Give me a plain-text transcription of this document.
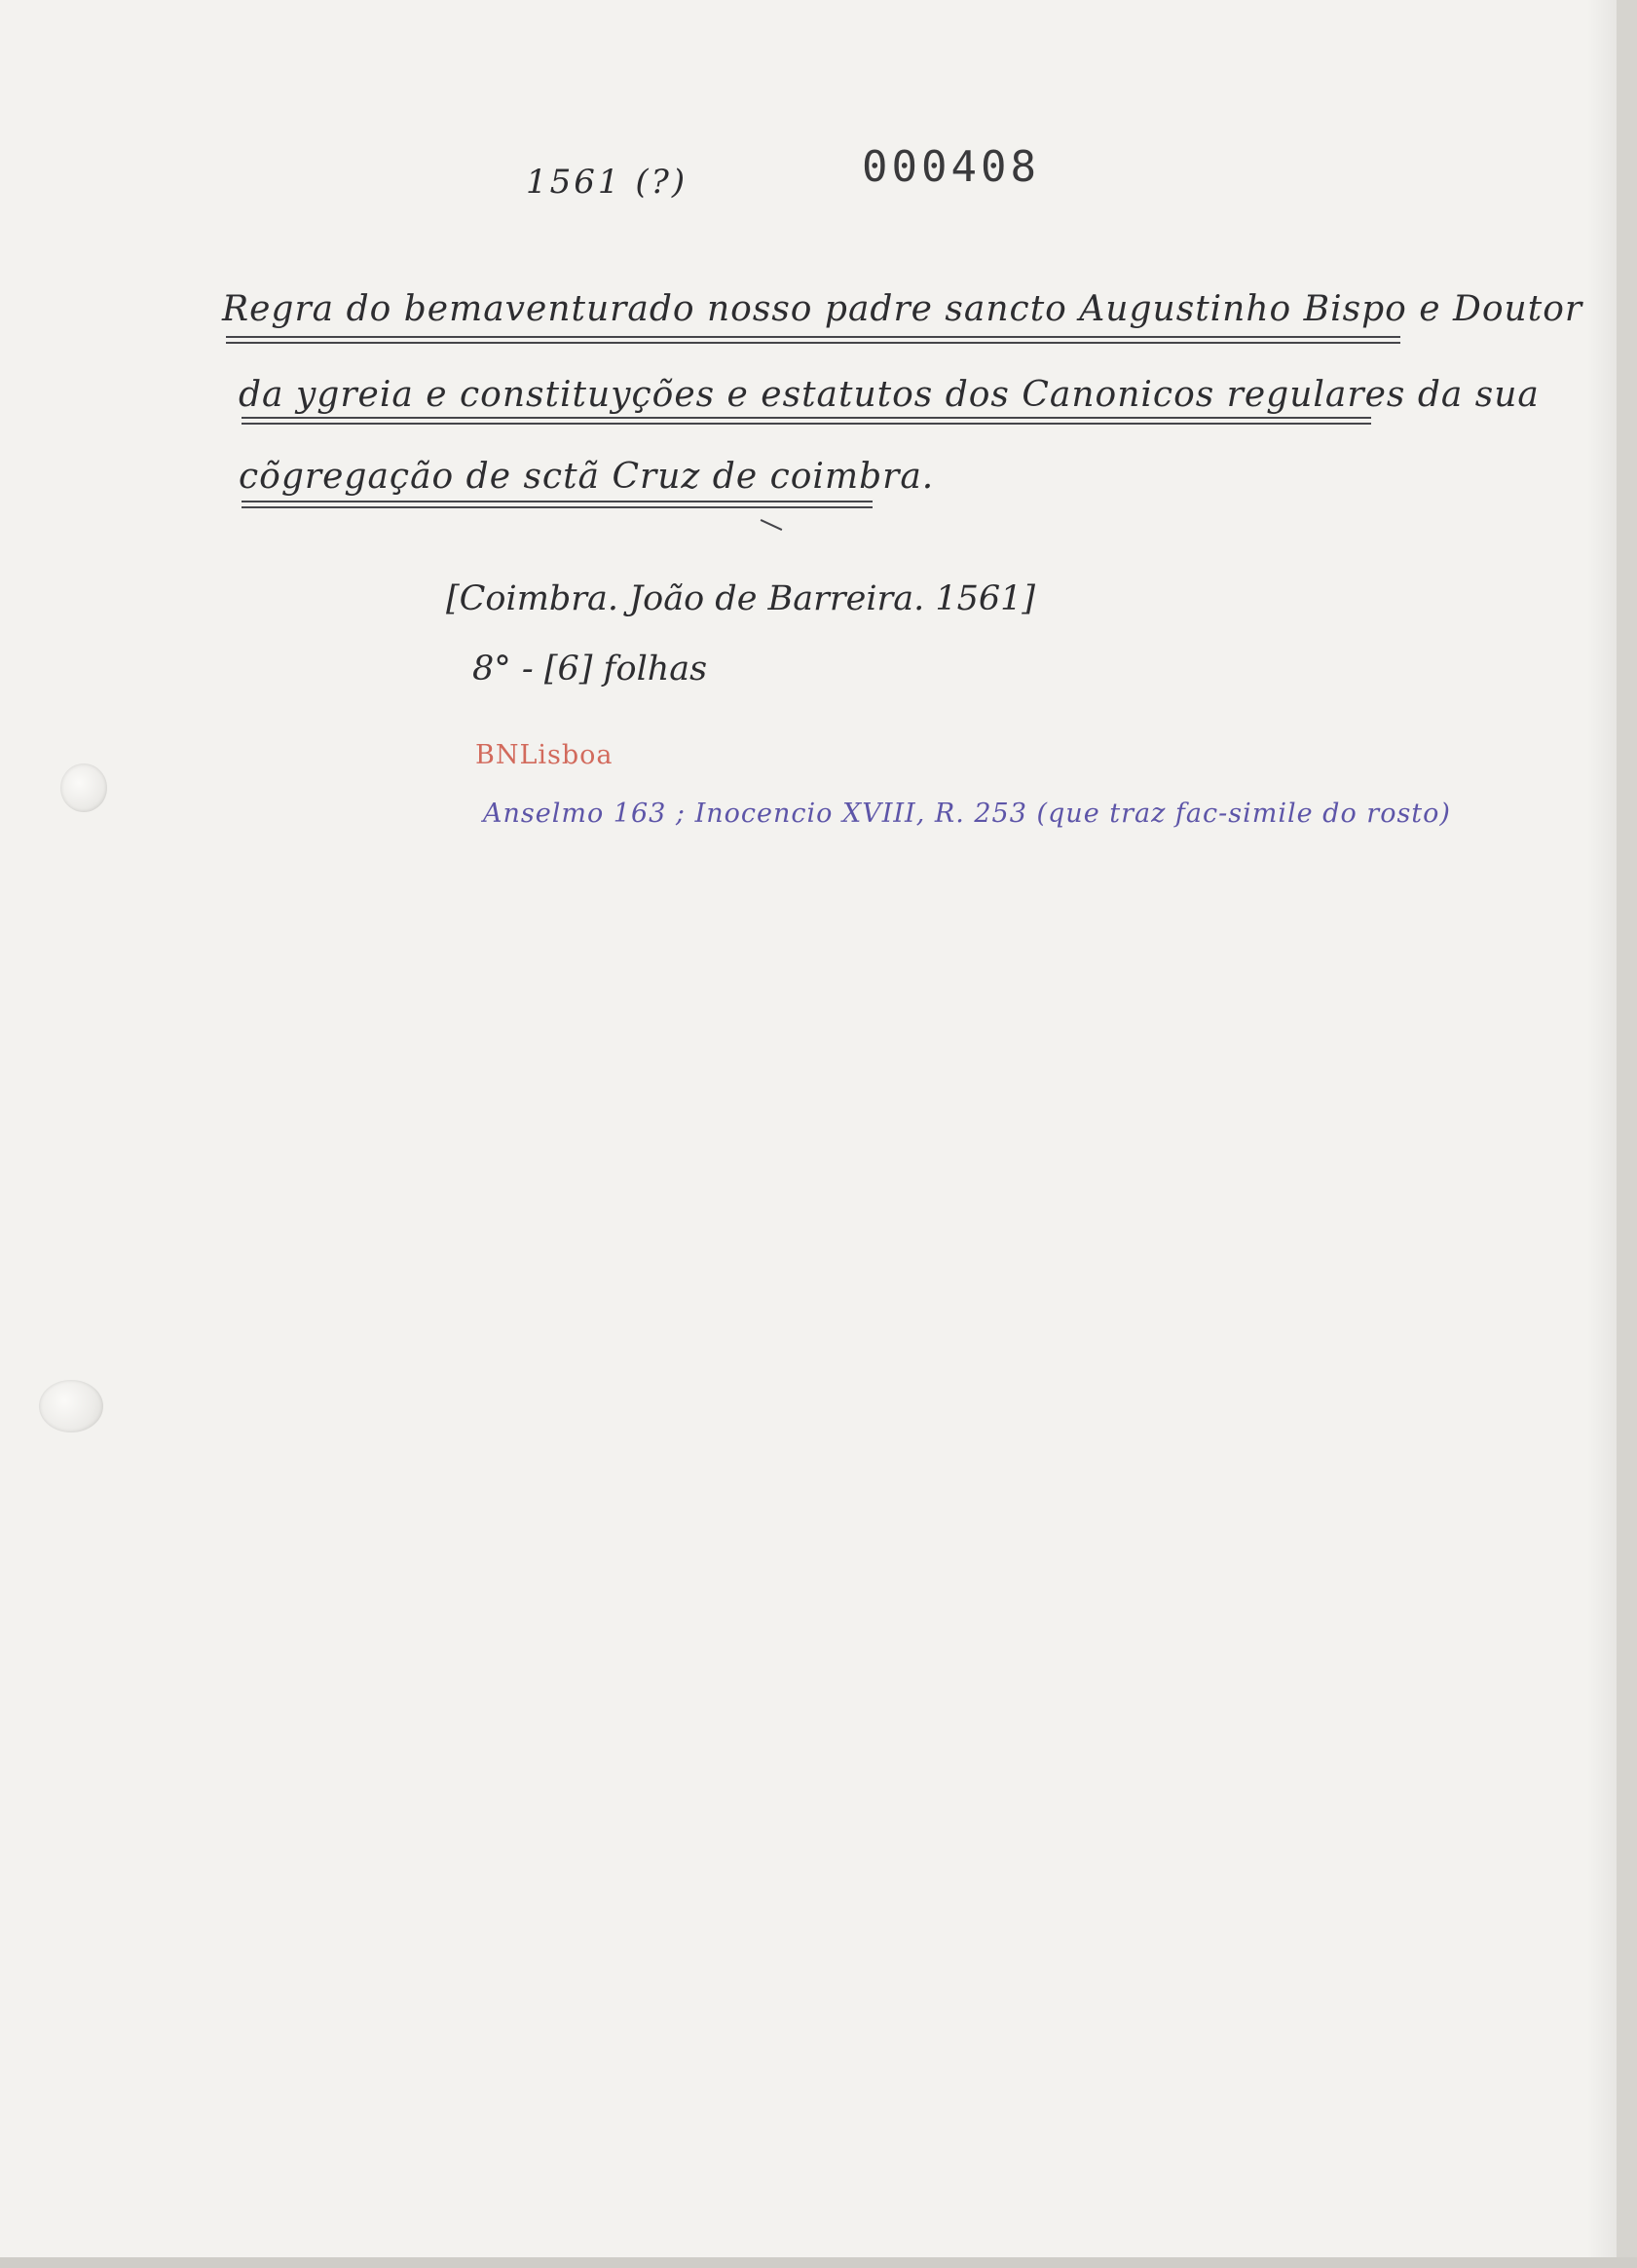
1561 (?)	000408
Regra do bemaventurado nosso padre sancto Augustinho Bispo e Doutor
da ygreia e constituyções e estatutos dos Canonicos regulares da sua
cõgregação de sctã Cruz de coimbra.
[Coimbra. João de Barreira. 1561]
8° - [6] folhas
BNLisboa
Anselmo 163 ; Inocencio XVIII, R. 253 (que traz fac-simile do rosto)
